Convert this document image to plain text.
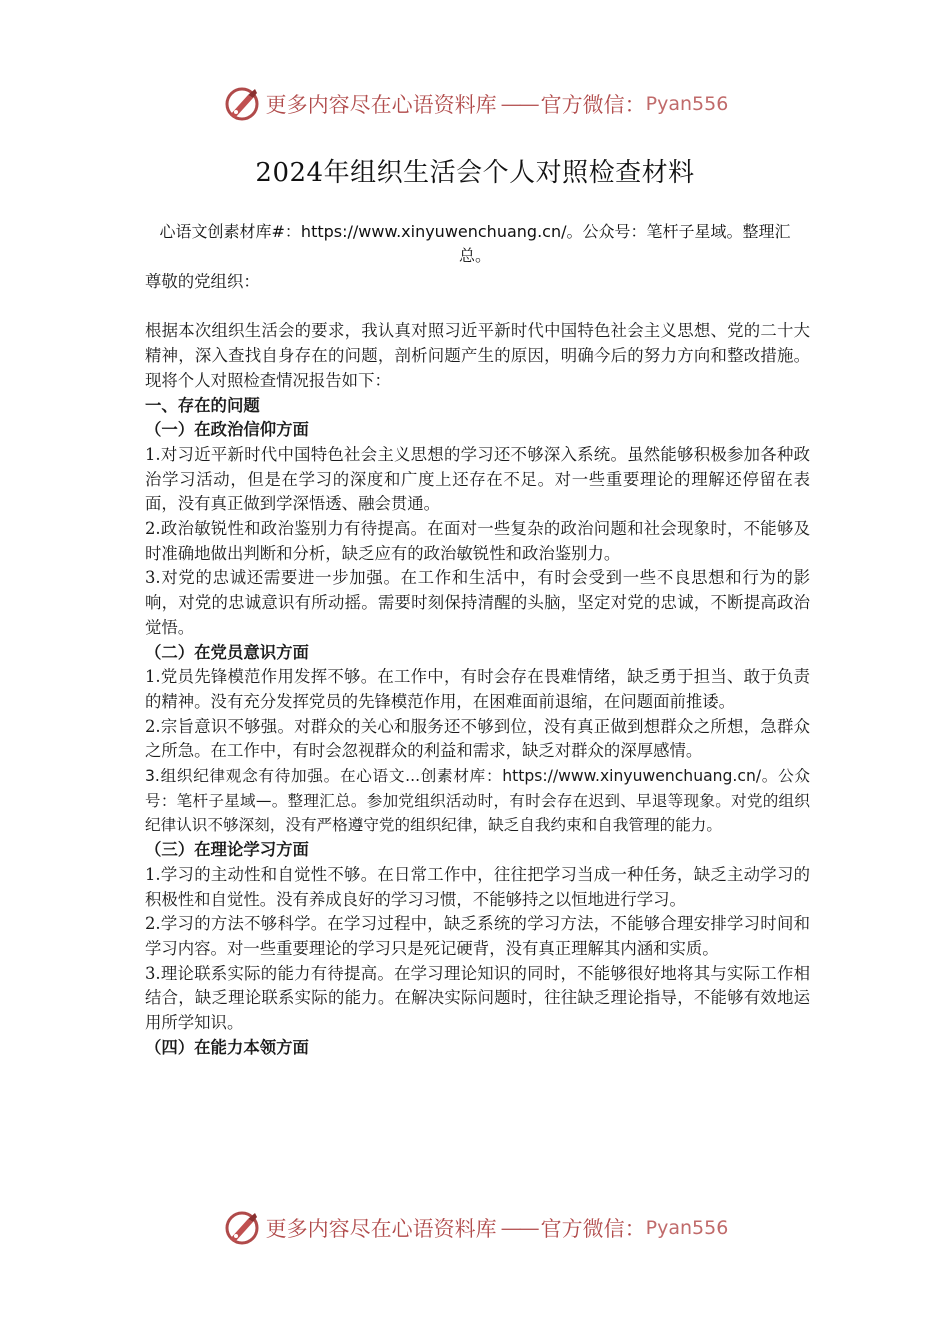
更多内容尽在心语资料库 —— 官方微信： Pyan556
2024年组织生活会个人对照检查材料
心语文创素材库#：https://www.xinyuwenchuang.cn/。公众号：笔杆子星域。整理汇总。

尊敬的党组织：

根据本次组织生活会的要求，我认真对照习近平新时代中国特色社会主义思想、党的二十大精神，深入查找自身存在的问题，剖析问题产生的原因，明确今后的努力方向和整改措施。现将个人对照检查情况报告如下：

一、存在的问题
（一）在政治信仰方面

1.对习近平新时代中国特色社会主义思想的学习还不够深入系统。虽然能够积极参加各种政治学习活动，但是在学习的深度和广度上还存在不足。对一些重要理论的理解还停留在表面，没有真正做到学深悟透、融会贯通。

2.政治敏锐性和政治鉴别力有待提高。在面对一些复杂的政治问题和社会现象时，不能够及时准确地做出判断和分析，缺乏应有的政治敏锐性和政治鉴别力。

3.对党的忠诚还需要进一步加强。在工作和生活中，有时会受到一些不良思想和行为的影响，对党的忠诚意识有所动摇。需要时刻保持清醒的头脑，坚定对党的忠诚，不断提高政治觉悟。

（二）在党员意识方面

1.党员先锋模范作用发挥不够。在工作中，有时会存在畏难情绪，缺乏勇于担当、敢于负责的精神。没有充分发挥党员的先锋模范作用，在困难面前退缩，在问题面前推诿。

2.宗旨意识不够强。对群众的关心和服务还不够到位，没有真正做到想群众之所想，急群众之所急。在工作中，有时会忽视群众的利益和需求，缺乏对群众的深厚感情。

3.组织纪律观念有待加强。在心语文...创素材库：https://www.xinyuwenchuang.cn/。公众号：笔杆子星域—。整理汇总。参加党组织活动时，有时会存在迟到、早退等现象。对党的组织纪律认识不够深刻，没有严格遵守党的组织纪律，缺乏自我约束和自我管理的能力。

（三）在理论学习方面

1.学习的主动性和自觉性不够。在日常工作中，往往把学习当成一种任务，缺乏主动学习的积极性和自觉性。没有养成良好的学习习惯，不能够持之以恒地进行学习。

2.学习的方法不够科学。在学习过程中，缺乏系统的学习方法，不能够合理安排学习时间和学习内容。对一些重要理论的学习只是死记硬背，没有真正理解其内涵和实质。

3.理论联系实际的能力有待提高。在学习理论知识的同时，不能够很好地将其与实际工作相结合，缺乏理论联系实际的能力。在解决实际问题时，往往缺乏理论指导，不能够有效地运用所学知识。

（四）在能力本领方面
更多内容尽在心语资料库 —— 官方微信： Pyan556
